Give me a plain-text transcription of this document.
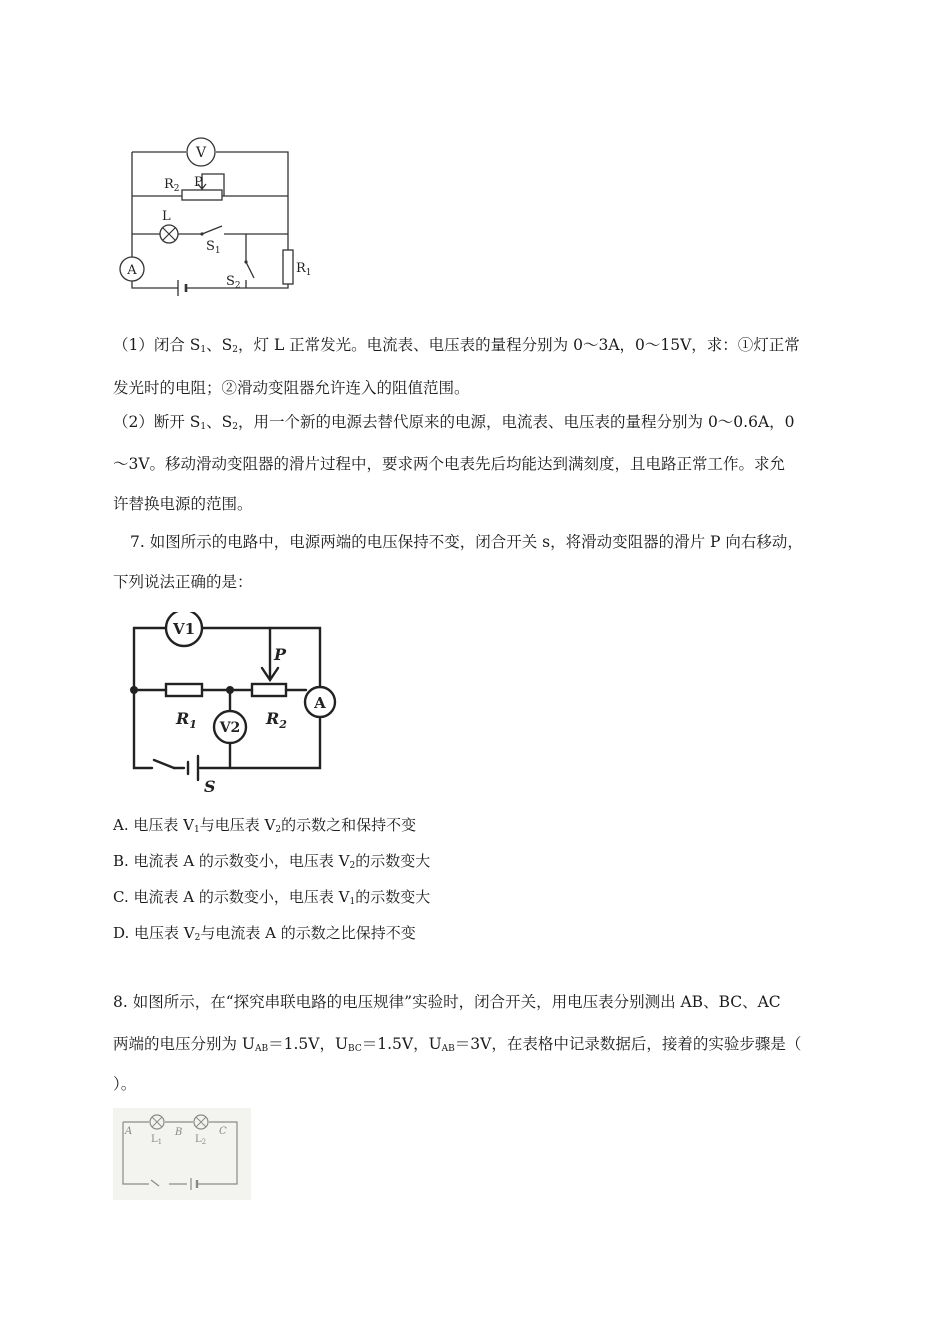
V
A
$R_2$ P
L
$S_1$
$S_2$
$R_1$
（1）闭合 $S_1$、$S_2$，灯 L 正常发光。电流表、电压表的量程分别为 0～3A，0～15V，求：①灯正常
发光时的电阻；②滑动变阻器允许连入的阻值范围。
（2）断开 $S_1$、$S_2$，用一个新的电源去替代原来的电源，电流表、电压表的量程分别为 0～0.6A，0
～3V。移动滑动变阻器的滑片过程中，要求两个电表先后均能达到满刻度，且电路正常工作。求允
许替换电源的范围。
7. 如图所示的电路中，电源两端的电压保持不变，闭合开关 s，将滑动变阻器的滑片 P 向右移动，
下列说法正确的是：
V1
V2
A
P
$R_1$	$R_2$
S
A. 电压表 $V_1$与电压表 $V_2$的示数之和保持不变
B. 电流表 A 的示数变小，电压表 $V_2$的示数变大
C. 电流表 A 的示数变小，电压表 $V_1$的示数变大
D. 电压表 $V_2$与电流表 A 的示数之比保持不变
8. 如图所示，在“探究串联电路的电压规律”实验时，闭合开关，用电压表分别测出 AB、BC、AC
两端的电压分别为 $U_{AB}=1.5V$，$U_{BC}=1.5V$，$U_{AB}=3V$，在表格中记录数据后，接着的实验步骤是（
）。
A	B	C
$L_1$	$L_2$
